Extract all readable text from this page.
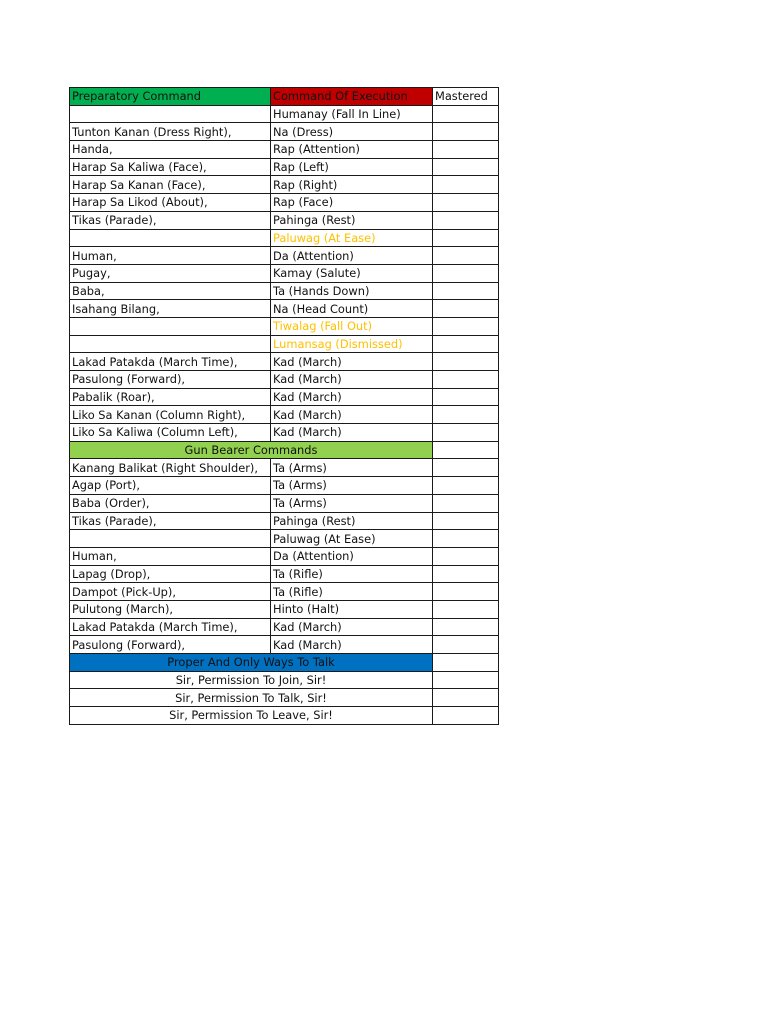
Preparatory Command	Command Of Execution	Mastered
	Humanay (Fall In Line)	
Tunton Kanan (Dress Right),	Na (Dress)	
Handa,	Rap (Attention)	
Harap Sa Kaliwa (Face),	Rap (Left)	
Harap Sa Kanan (Face),	Rap (Right)	
Harap Sa Likod (About),	Rap (Face)	
Tikas (Parade),	Pahinga (Rest)	
	Paluwag (At Ease)	
Human,	Da (Attention)	
Pugay,	Kamay (Salute)	
Baba,	Ta (Hands Down)	
Isahang Bilang,	Na (Head Count)	
	Tiwalag (Fall Out)	
	Lumansag (Dismissed)	
Lakad Patakda (March Time),	Kad (March)	
Pasulong (Forward),	Kad (March)	
Pabalik (Roar),	Kad (March)	
Liko Sa Kanan (Column Right),	Kad (March)	
Liko Sa Kaliwa (Column Left),	Kad (March)	
Gun Bearer Commands		
Kanang Balikat (Right Shoulder),	Ta (Arms)	
Agap (Port),	Ta (Arms)	
Baba (Order),	Ta (Arms)	
Tikas (Parade),	Pahinga (Rest)	
	Paluwag (At Ease)	
Human,	Da (Attention)	
Lapag (Drop),	Ta (Rifle)	
Dampot (Pick-Up),	Ta (Rifle)	
Pulutong (March),	Hinto (Halt)	
Lakad Patakda (March Time),	Kad (March)	
Pasulong (Forward),	Kad (March)	
Proper And Only Ways To Talk		
Sir, Permission To Join, Sir!		
Sir, Permission To Talk, Sir!		
Sir, Permission To Leave, Sir!		
